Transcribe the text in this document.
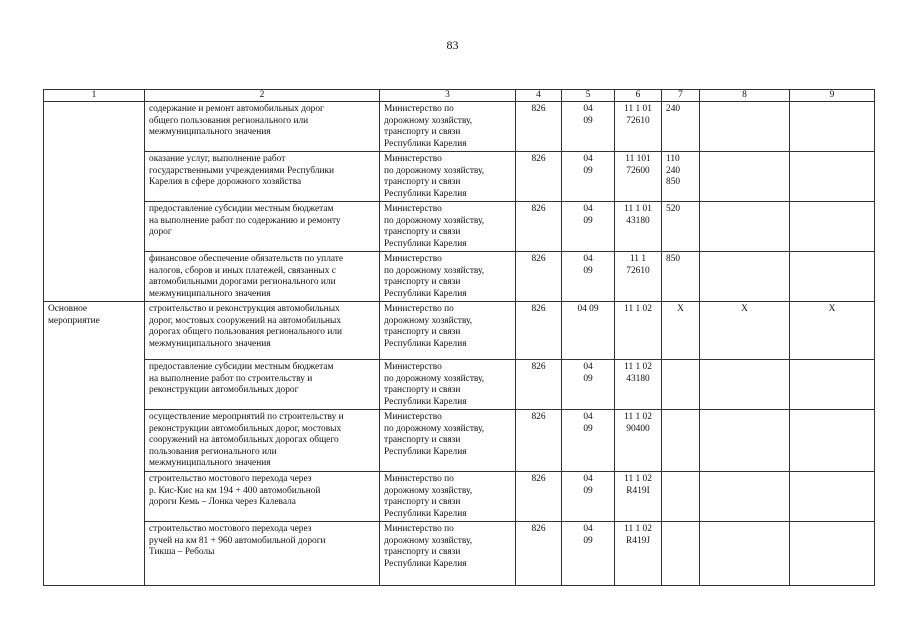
83
1	2	3	4	5	6	7	8	9
	содержание и ремонт автомобильных дорог
общего пользования регионального или
межмуниципального значения	Министерство по
дорожному хозяйству,
транспорту и связи
Республики Карелия	826	04
09	11 1 01
72610	240		
	оказание услуг, выполнение работ
государственными учреждениями Республики
Карелия в сфере дорожного хозяйства	Министерство
по дорожному хозяйству,
транспорту и связи
Республики Карелия	826	04
09	11 101
72600	110
240
850		
	предоставление субсидии местным бюджетам
на выполнение работ по содержанию и ремонту
дорог	Министерство
по дорожному хозяйству,
транспорту и связи
Республики Карелия	826	04
09	11 1 01
43180	520		
	финансовое обеспечение обязательств по уплате
налогов, сборов и иных платежей, связанных с
автомобильными дорогами регионального или
межмуниципального значения	Министерство
по дорожному хозяйству,
транспорту и связи
Республики Карелия	826	04
09	11 1
72610	850		
Основное
мероприятие	строительство и реконструкция автомобильных
дорог, мостовых сооружений на автомобильных
дорогах общего пользования регионального или
межмуниципального значения	Министерство по
дорожному хозяйству,
транспорту и связи
Республики Карелия	826	04 09	11 1 02	X	X	X
	предоставление субсидии местным бюджетам
на выполнение работ по строительству и
реконструкции автомобильных дорог	Министерство
по дорожному хозяйству,
транспорту и связи
Республики Карелия	826	04
09	11 1 02
43180			
	осуществление мероприятий по строительству и
реконструкции автомобильных дорог, мостовых
сооружений на автомобильных дорогах общего
пользования регионального или
межмуниципального значения	Министерство
по дорожному хозяйству,
транспорту и связи
Республики Карелия	826	04
09	11 1 02
90400			
	строительство мостового перехода через
р. Кис-Кис на км 194 + 400 автомобильной
дороги Кемь – Лонка через Калевала	Министерство по
дорожному хозяйству,
транспорту и связи
Республики Карелия	826	04
09	11 1 02
R419I			
	строительство мостового перехода через
ручей на км 81 + 960 автомобильной дороги
Тикша – Реболы	Министерство по
дорожному хозяйству,
транспорту и связи
Республики Карелия	826	04
09	11 1 02
R419J			
